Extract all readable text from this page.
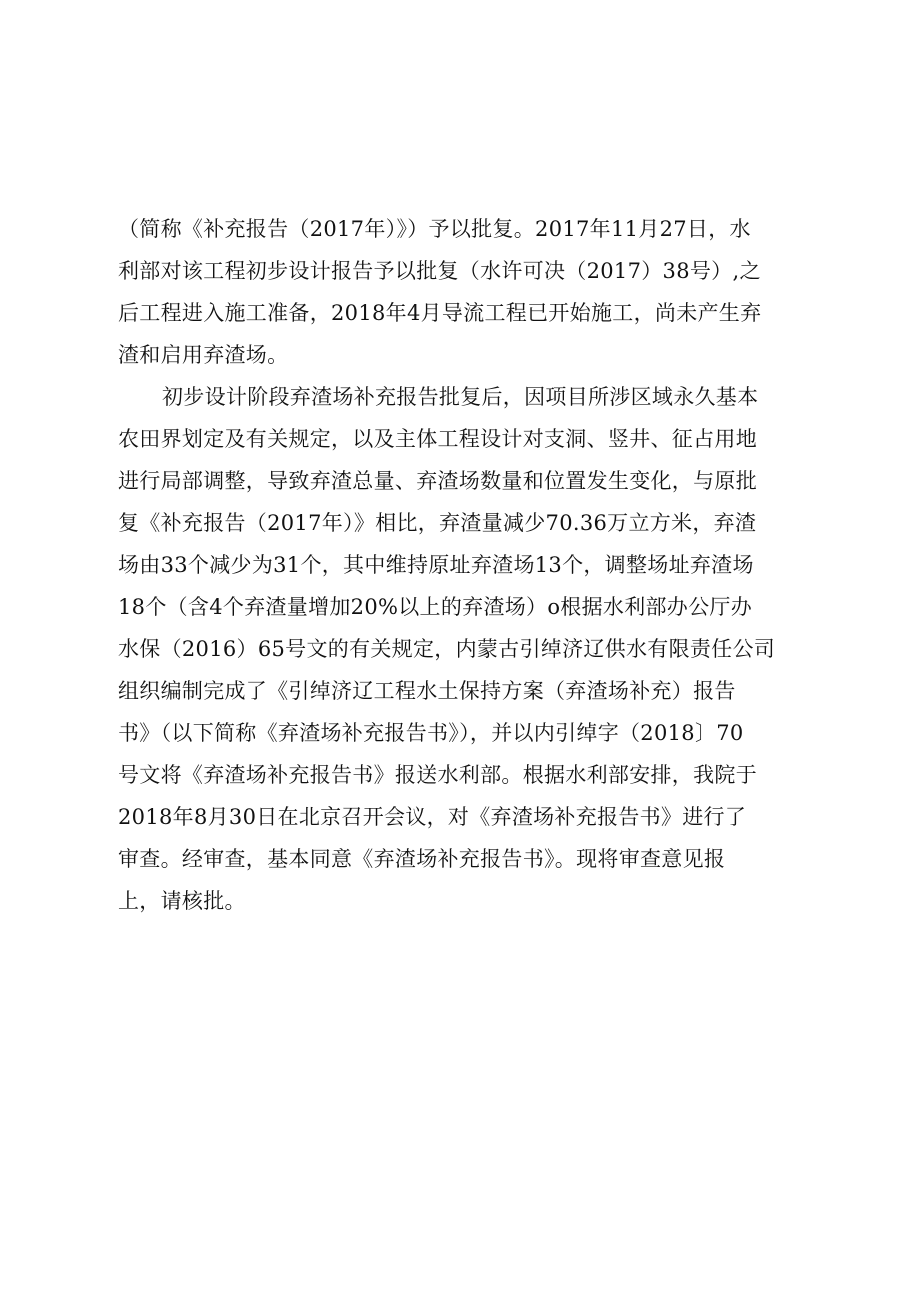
（简称《补充报告（2017年）》）予以批复。2017年11月27日，水
利部对该工程初步设计报告予以批复（水许可决（2017）38号）,之
后工程进入施工准备，2018年4月导流工程已开始施工，尚未产生弃
渣和启用弃渣场。
初步设计阶段弃渣场补充报告批复后，因项目所涉区域永久基本
农田界划定及有关规定，以及主体工程设计对支洞、竖井、征占用地
进行局部调整，导致弃渣总量、弃渣场数量和位置发生变化，与原批
复《补充报告（2017年）》相比，弃渣量减少70.36万立方米，弃渣
场由33个减少为31个，其中维持原址弃渣场13个，调整场址弃渣场
18个（含4个弃渣量增加20%以上的弃渣场）o根据水利部办公厅办
水保（2016）65号文的有关规定，内蒙古引绰济辽供水有限责任公司
组织编制完成了《引绰济辽工程水土保持方案（弃渣场补充）报告
书》（以下简称《弃渣场补充报告书》），并以内引绰字（2018〕70
号文将《弃渣场补充报告书》报送水利部。根据水利部安排，我院于
2018年8月30日在北京召开会议，对《弃渣场补充报告书》进行了
审查。经审查，基本同意《弃渣场补充报告书》。现将审查意见报
上，请核批。
